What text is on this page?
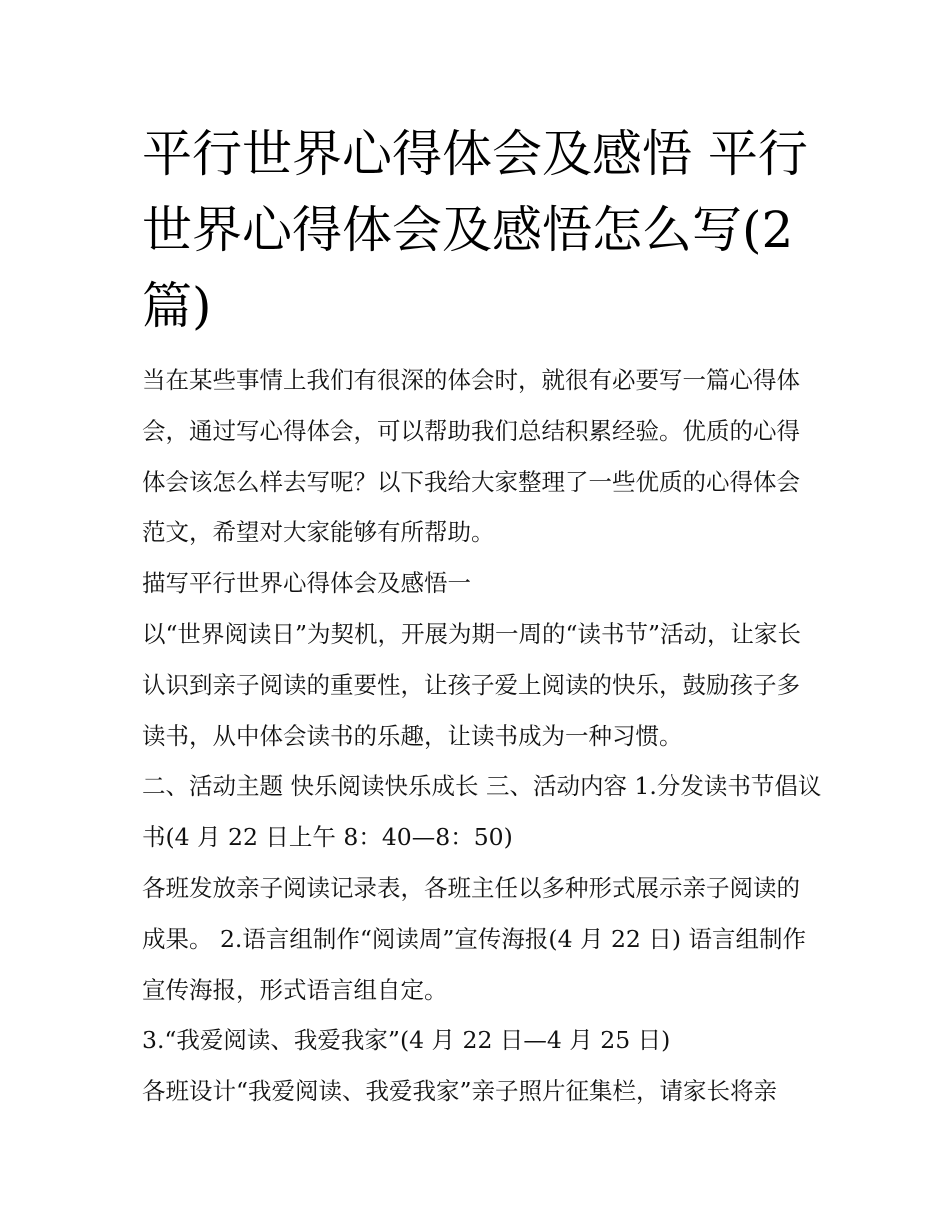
平行世界心得体会及感悟 平行世界心得体会及感悟怎么写(2篇)

当在某些事情上我们有很深的体会时，就很有必要写一篇心得体会，通过写心得体会，可以帮助我们总结积累经验。优质的心得体会该怎么样去写呢？以下我给大家整理了一些优质的心得体会范文，希望对大家能够有所帮助。

描写平行世界心得体会及感悟一

以“世界阅读日”为契机，开展为期一周的“读书节”活动，让家长认识到亲子阅读的重要性，让孩子爱上阅读的快乐，鼓励孩子多读书，从中体会读书的乐趣，让读书成为一种习惯。

二、活动主题 快乐阅读快乐成长 三、活动内容 1.分发读书节倡议书(4 月 22 日上午 8：40—8：50)

各班发放亲子阅读记录表，各班主任以多种形式展示亲子阅读的成果。 2.语言组制作“阅读周”宣传海报(4 月 22 日) 语言组制作宣传海报，形式语言组自定。

3.“我爱阅读、我爱我家”(4 月 22 日—4 月 25 日)

各班设计“我爱阅读、我爱我家”亲子照片征集栏，请家长将亲
